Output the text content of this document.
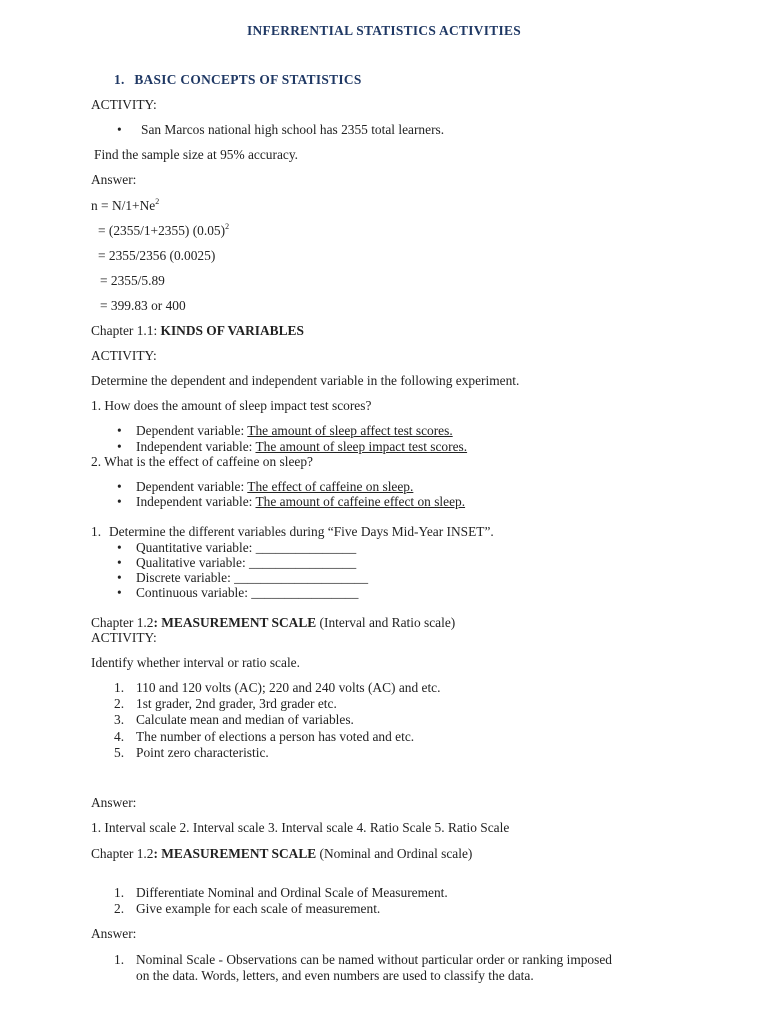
INFERRENTIAL STATISTICS ACTIVITIES
1. BASIC CONCEPTS OF STATISTICS
ACTIVITY:
• San Marcos national high school has 2355 total learners.
Find the sample size at 95% accuracy.
Answer:
$n = N/1+Ne^2$
= (2355/1+2355) $(0.05)^2$
= 2355/2356 (0.0025)
= 2355/5.89
= 399.83 or 400
Chapter 1.1: KINDS OF VARIABLES
ACTIVITY:
Determine the dependent and independent variable in the following experiment.
1. How does the amount of sleep impact test scores?
• Dependent variable: The amount of sleep affect test scores.
• Independent variable: The amount of sleep impact test scores.
2. What is the effect of caffeine on sleep?
• Dependent variable: The effect of caffeine on sleep.
• Independent variable: The amount of caffeine effect on sleep.
1. Determine the different variables during “Five Days Mid-Year INSET”.
• Quantitative variable: _______________
• Qualitative variable: ________________
• Discrete variable: ____________________
• Continuous variable: ________________
Chapter 1.2: MEASUREMENT SCALE (Interval and Ratio scale)
ACTIVITY:
Identify whether interval or ratio scale.
1. 110 and 120 volts (AC); 220 and 240 volts (AC) and etc.
2. 1st grader, 2nd grader, 3rd grader etc.
3. Calculate mean and median of variables.
4. The number of elections a person has voted and etc.
5. Point zero characteristic.
Answer:
1. Interval scale 2. Interval scale 3. Interval scale 4. Ratio Scale 5. Ratio Scale
Chapter 1.2: MEASUREMENT SCALE (Nominal and Ordinal scale)
1. Differentiate Nominal and Ordinal Scale of Measurement.
2. Give example for each scale of measurement.
Answer:
1. Nominal Scale - Observations can be named without particular order or ranking imposed
on the data. Words, letters, and even numbers are used to classify the data.
